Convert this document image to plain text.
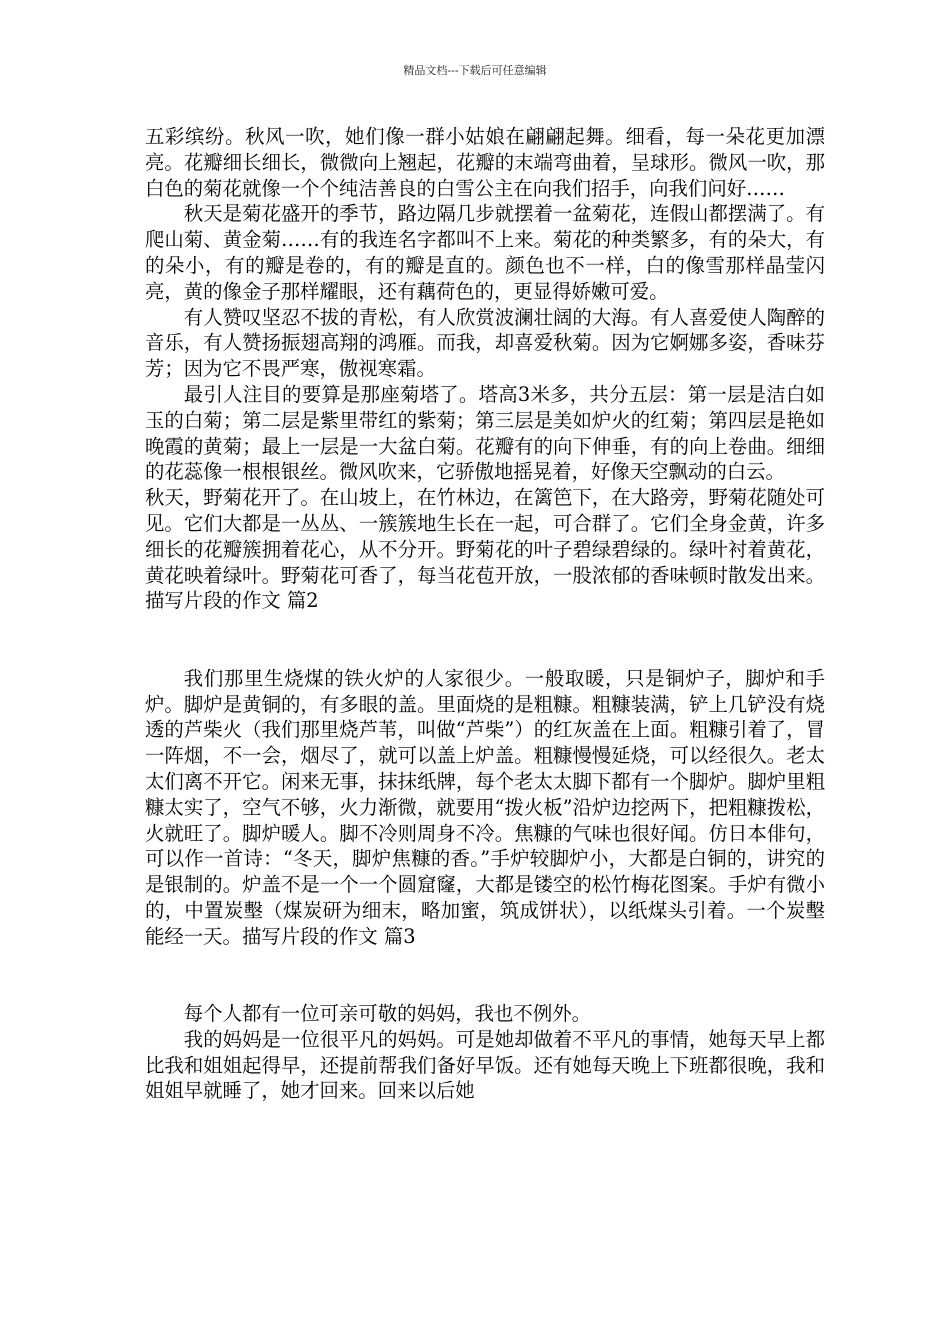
精品文档---下载后可任意编辑

五彩缤纷。秋风一吹，她们像一群小姑娘在翩翩起舞。细看，每一朵花更加漂亮。花瓣细长细长，微微向上翘起，花瓣的末端弯曲着，呈球形。微风一吹，那白色的菊花就像一个个纯洁善良的白雪公主在向我们招手，向我们问好……

秋天是菊花盛开的季节，路边隔几步就摆着一盆菊花，连假山都摆满了。有爬山菊、黄金菊……有的我连名字都叫不上来。菊花的种类繁多，有的朵大，有的朵小，有的瓣是卷的，有的瓣是直的。颜色也不一样，白的像雪那样晶莹闪亮，黄的像金子那样耀眼，还有藕荷色的，更显得娇嫩可爱。

有人赞叹坚忍不拔的青松，有人欣赏波澜壮阔的大海。有人喜爱使人陶醉的音乐，有人赞扬振翅高翔的鸿雁。而我，却喜爱秋菊。因为它婀娜多姿，香味芬芳；因为它不畏严寒，傲视寒霜。

最引人注目的要算是那座菊塔了。塔高3米多，共分五层：第一层是洁白如玉的白菊；第二层是紫里带红的紫菊；第三层是美如炉火的红菊；第四层是艳如晚霞的黄菊；最上一层是一大盆白菊。花瓣有的向下伸垂，有的向上卷曲。细细的花蕊像一根根银丝。微风吹来，它骄傲地摇晃着，好像天空飘动的白云。

秋天，野菊花开了。在山坡上，在竹林边，在篱笆下，在大路旁，野菊花随处可见。它们大都是一丛丛、一簇簇地生长在一起，可合群了。它们全身金黄，许多细长的花瓣簇拥着花心，从不分开。野菊花的叶子碧绿碧绿的。绿叶衬着黄花，黄花映着绿叶。野菊花可香了，每当花苞开放，一股浓郁的香味顿时散发出来。描写片段的作文 篇2

我们那里生烧煤的铁火炉的人家很少。一般取暖，只是铜炉子，脚炉和手炉。脚炉是黄铜的，有多眼的盖。里面烧的是粗糠。粗糠装满，铲上几铲没有烧透的芦柴火（我们那里烧芦苇，叫做“芦柴”）的红灰盖在上面。粗糠引着了，冒一阵烟，不一会，烟尽了，就可以盖上炉盖。粗糠慢慢延烧，可以经很久。老太太们离不开它。闲来无事，抹抹纸牌，每个老太太脚下都有一个脚炉。脚炉里粗糠太实了，空气不够，火力渐微，就要用“拨火板”沿炉边挖两下，把粗糠拨松，火就旺了。脚炉暖人。脚不冷则周身不冷。焦糠的气味也很好闻。仿日本俳句，可以作一首诗：“冬天，脚炉焦糠的香。”手炉较脚炉小，大都是白铜的，讲究的是银制的。炉盖不是一个一个圆窟窿，大都是镂空的松竹梅花图案。手炉有微小的，中置炭墼（煤炭研为细末，略加蜜，筑成饼状），以纸煤头引着。一个炭墼能经一天。描写片段的作文 篇3

每个人都有一位可亲可敬的妈妈，我也不例外。

我的妈妈是一位很平凡的妈妈。可是她却做着不平凡的事情，她每天早上都比我和姐姐起得早，还提前帮我们备好早饭。还有她每天晚上下班都很晚，我和姐姐早就睡了，她才回来。回来以后她
